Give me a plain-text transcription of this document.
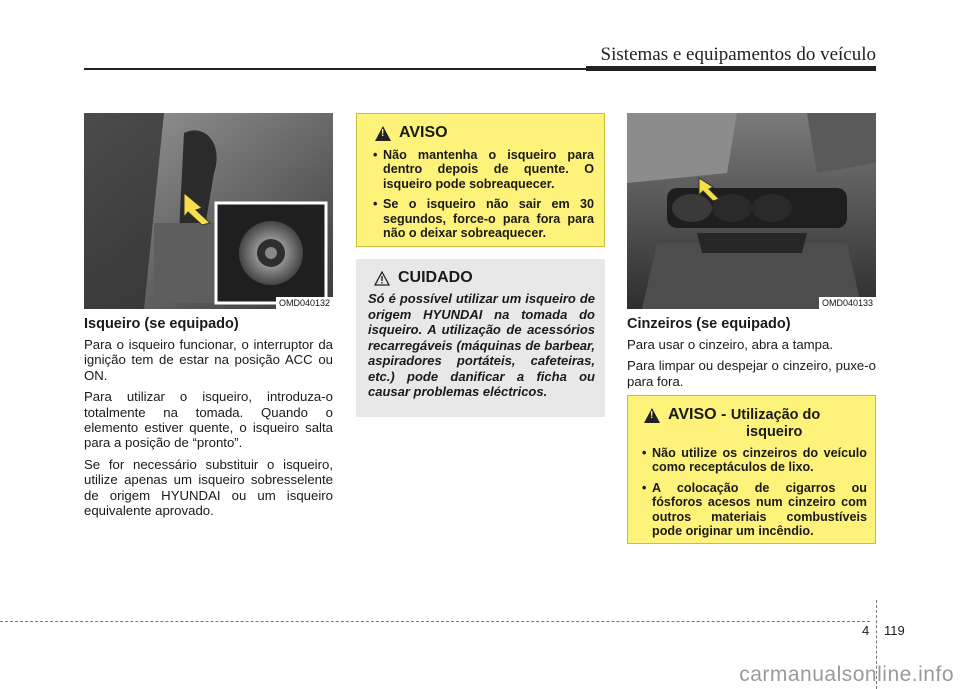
Sistemas e equipamentos do veículo
OMD040132
Isqueiro (se equipado)

Para o isqueiro funcionar, o interruptor da ignição tem de estar na posição ACC ou ON.

Para utilizar o isqueiro, introduza-o totalmente na tomada. Quando o elemento estiver quente, o isqueiro salta para a posição de “pronto”.

Se for necessário substituir o isqueiro, utilize apenas um isqueiro sobresselente de origem HYUNDAI ou um isqueiro equivalente aprovado.

!
AVISO
• Não mantenha o isqueiro para dentro depois de quente. O isqueiro pode sobreaquecer.
• Se o isqueiro não sair em 30 segundos, force-o para fora para não o deixar sobreaquecer.
CUIDADO
Só é possível utilizar um isqueiro de origem HYUNDAI na tomada do isqueiro. A utilização de acessórios recarregáveis (máquinas de barbear, aspiradores portáteis, cafeteiras, etc.) pode danificar a ficha ou causar problemas eléctricos.
OMD040133
Cinzeiros (se equipado)

Para usar o cinzeiro, abra a tampa.

Para limpar ou despejar o cinzeiro, puxe-o para fora.

!
AVISO - Utilização do
isqueiro
• Não utilize os cinzeiros do veículo como receptáculos de lixo.
• A colocação de cigarros ou fósforos acesos num cinzeiro com outros materiais combustíveis pode originar um incêndio.
4 119
carmanualsonline.info
